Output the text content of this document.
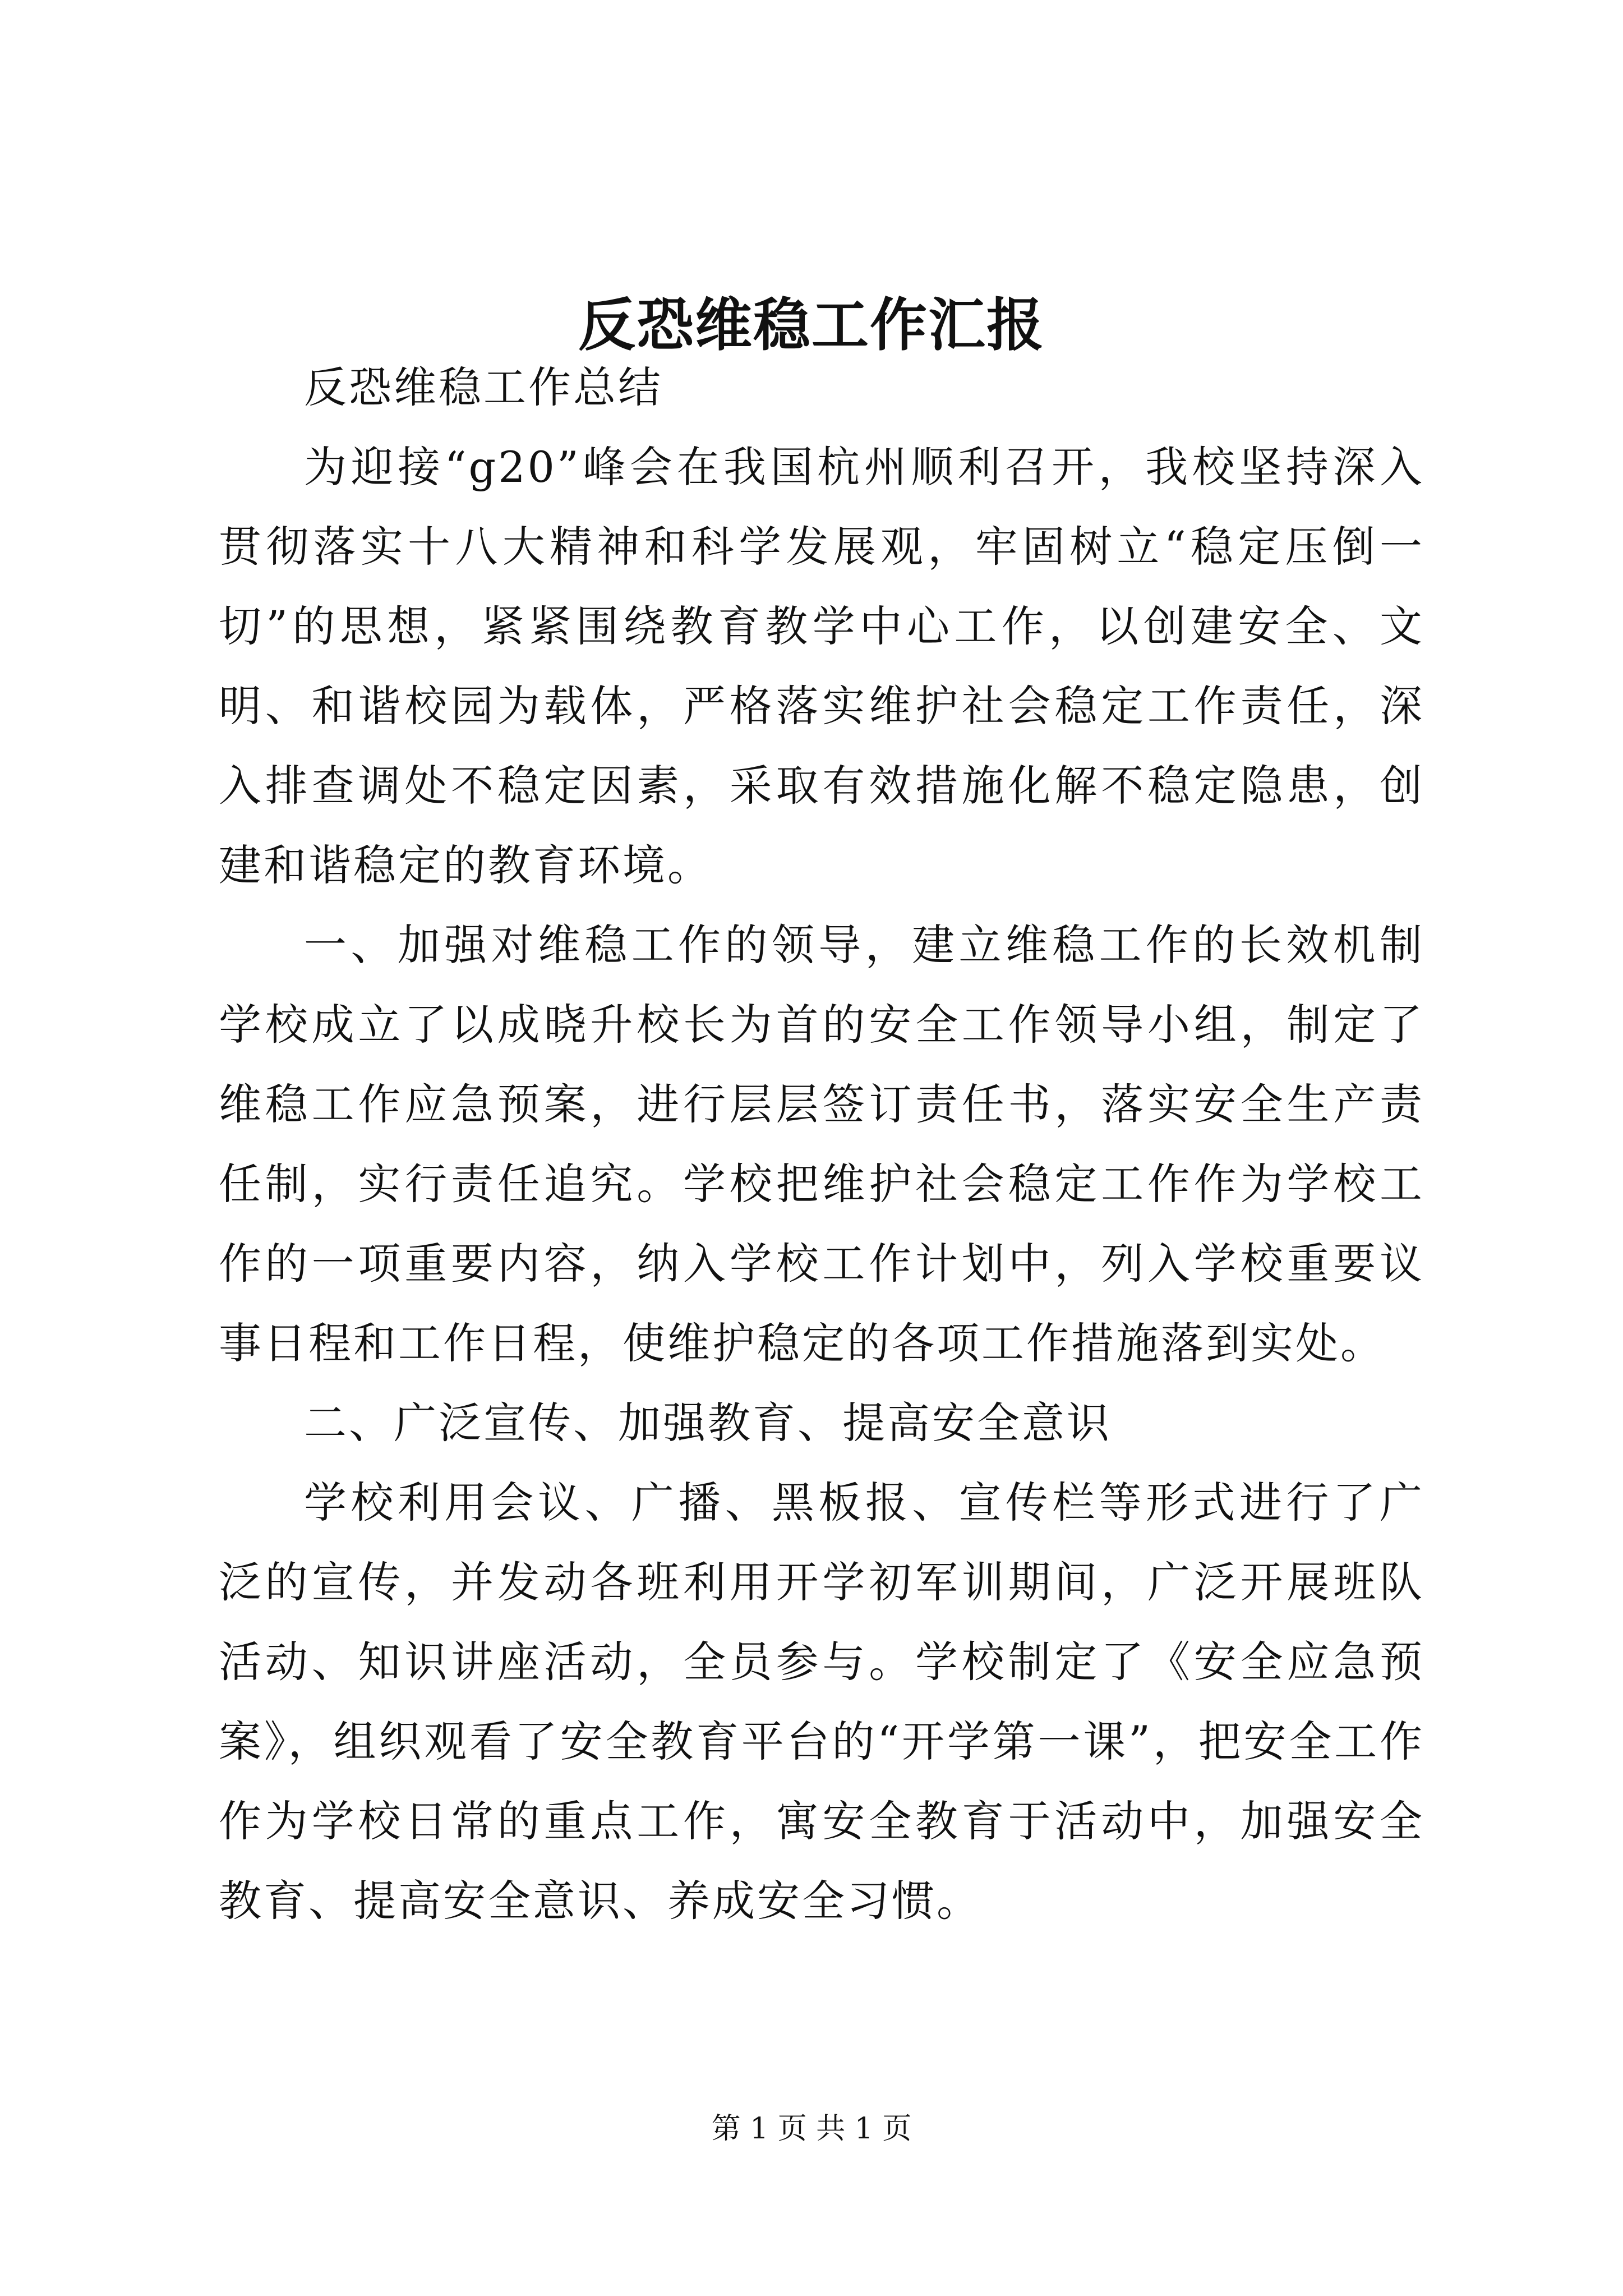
反恐维稳工作汇报

反恐维稳工作总结

为迎接“g20”峰会在我国杭州顺利召开，我校坚持深入贯彻落实十八大精神和科学发展观，牢固树立“稳定压倒一切”的思想，紧紧围绕教育教学中心工作，以创建安全、文明、和谐校园为载体，严格落实维护社会稳定工作责任，深入排查调处不稳定因素，采取有效措施化解不稳定隐患，创建和谐稳定的教育环境。

一、加强对维稳工作的领导，建立维稳工作的长效机制学校成立了以成晓升校长为首的安全工作领导小组，制定了维稳工作应急预案，进行层层签订责任书，落实安全生产责任制，实行责任追究。学校把维护社会稳定工作作为学校工作的一项重要内容，纳入学校工作计划中，列入学校重要议事日程和工作日程，使维护稳定的各项工作措施落到实处。

二、广泛宣传、加强教育、提高安全意识

学校利用会议、广播、黑板报、宣传栏等形式进行了广泛的宣传，并发动各班利用开学初军训期间，广泛开展班队活动、知识讲座活动，全员参与。学校制定了《安全应急预案》，组织观看了安全教育平台的“开学第一课”，把安全工作作为学校日常的重点工作，寓安全教育于活动中，加强安全教育、提高安全意识、养成安全习惯。

第 1 页 共 1 页
